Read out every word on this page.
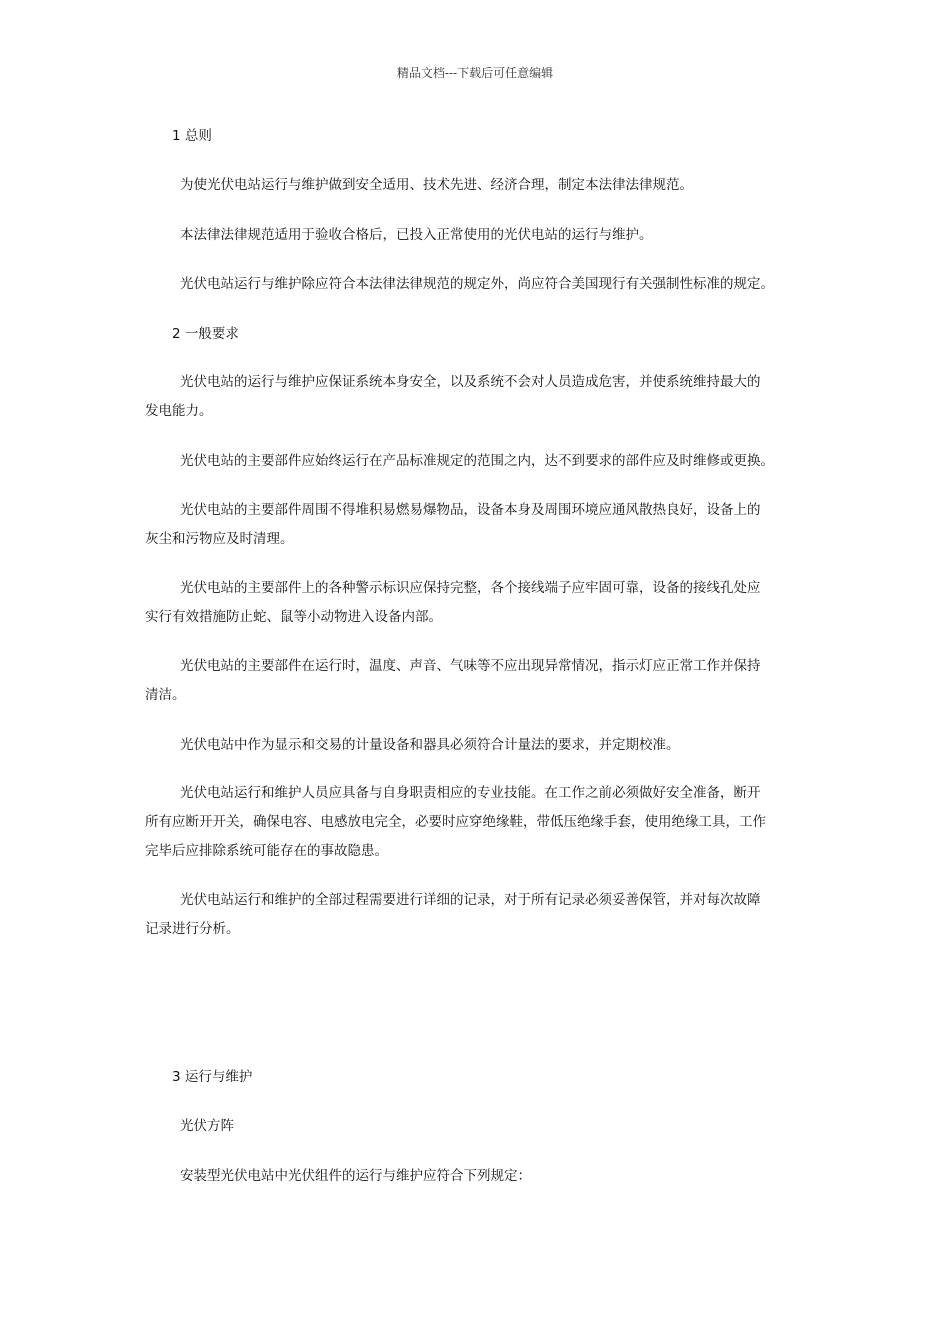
精品文档---下载后可任意编辑
1 总则
为使光伏电站运行与维护做到安全适用、技术先进、经济合理，制定本法律法律规范。
本法律法律规范适用于验收合格后，已投入正常使用的光伏电站的运行与维护。
光伏电站运行与维护除应符合本法律法律规范的规定外，尚应符合美国现行有关强制性标准的规定。
2 一般要求
光伏电站的运行与维护应保证系统本身安全，以及系统不会对人员造成危害，并使系统维持最大的
发电能力。
光伏电站的主要部件应始终运行在产品标准规定的范围之内，达不到要求的部件应及时维修或更换。
光伏电站的主要部件周围不得堆积易燃易爆物品，设备本身及周围环境应通风散热良好，设备上的
灰尘和污物应及时清理。
光伏电站的主要部件上的各种警示标识应保持完整，各个接线端子应牢固可靠，设备的接线孔处应
实行有效措施防止蛇、鼠等小动物进入设备内部。
光伏电站的主要部件在运行时，温度、声音、气味等不应出现异常情况，指示灯应正常工作并保持
清洁。
光伏电站中作为显示和交易的计量设备和器具必须符合计量法的要求，并定期校准。
光伏电站运行和维护人员应具备与自身职责相应的专业技能。在工作之前必须做好安全准备，断开
所有应断开开关，确保电容、电感放电完全，必要时应穿绝缘鞋，带低压绝缘手套，使用绝缘工具，工作
完毕后应排除系统可能存在的事故隐患。
光伏电站运行和维护的全部过程需要进行详细的记录，对于所有记录必须妥善保管，并对每次故障
记录进行分析。
3 运行与维护
光伏方阵
安装型光伏电站中光伏组件的运行与维护应符合下列规定：
